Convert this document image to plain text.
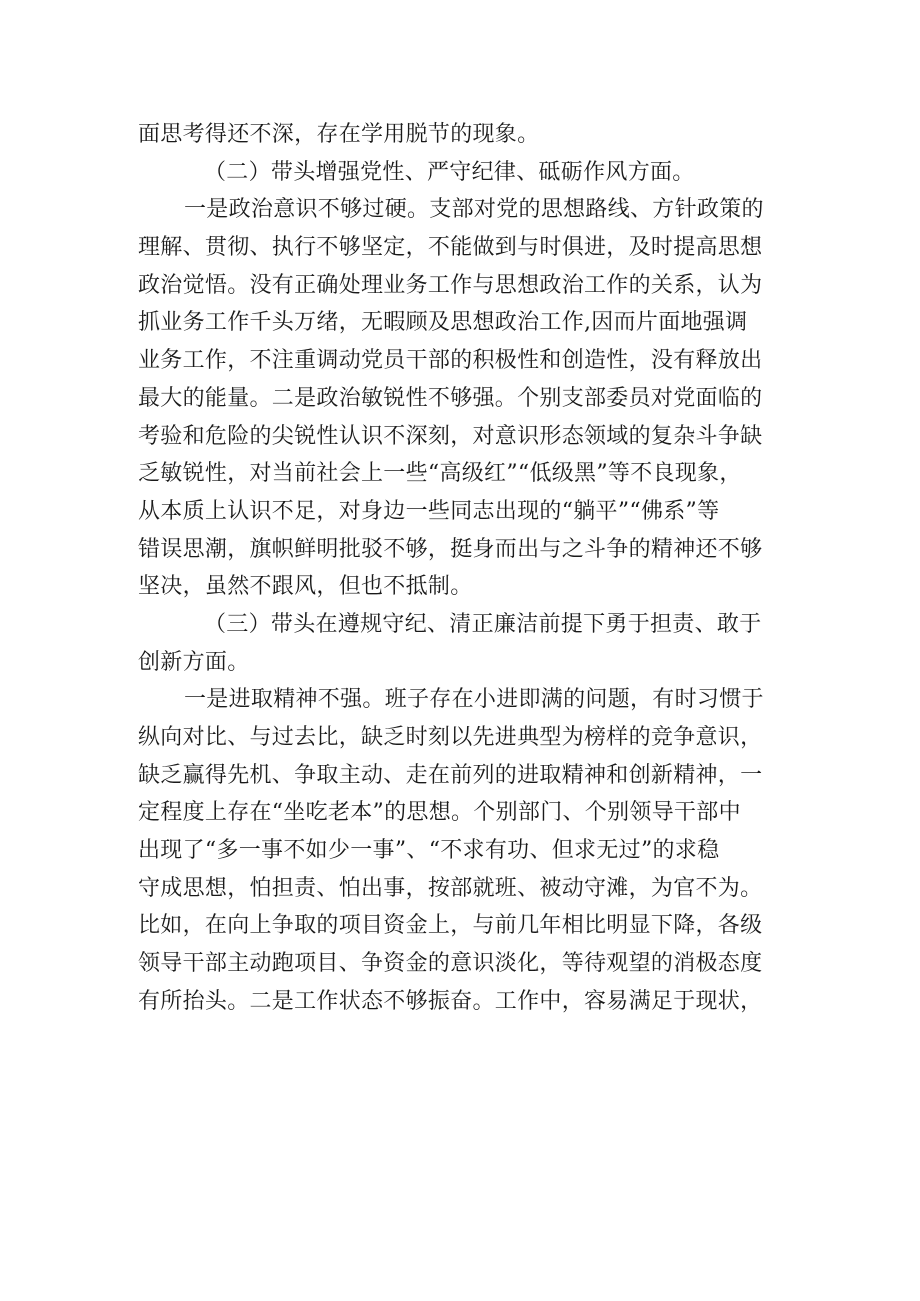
面思考得还不深，存在学用脱节的现象。
（二）带头增强党性、严守纪律、砥砺作风方面。
一是政治意识不够过硬。支部对党的思想路线、方针政策的
理解、贯彻、执行不够坚定，不能做到与时俱进，及时提高思想
政治觉悟。没有正确处理业务工作与思想政治工作的关系，认为
抓业务工作千头万绪，无暇顾及思想政治工作,因而片面地强调
业务工作，不注重调动党员干部的积极性和创造性，没有释放出
最大的能量。二是政治敏锐性不够强。个别支部委员对党面临的
考验和危险的尖锐性认识不深刻，对意识形态领域的复杂斗争缺
乏敏锐性，对当前社会上一些“高级红”“低级黑”等不良现象，
从本质上认识不足，对身边一些同志出现的“躺平”“佛系”等
错误思潮，旗帜鲜明批驳不够，挺身而出与之斗争的精神还不够
坚决，虽然不跟风，但也不抵制。
（三）带头在遵规守纪、清正廉洁前提下勇于担责、敢于
创新方面。
一是进取精神不强。班子存在小进即满的问题，有时习惯于
纵向对比、与过去比，缺乏时刻以先进典型为榜样的竞争意识，
缺乏赢得先机、争取主动、走在前列的进取精神和创新精神，一
定程度上存在“坐吃老本”的思想。个别部门、个别领导干部中
出现了“多一事不如少一事”、“不求有功、但求无过”的求稳
守成思想，怕担责、怕出事，按部就班、被动守滩，为官不为。
比如，在向上争取的项目资金上，与前几年相比明显下降，各级
领导干部主动跑项目、争资金的意识淡化，等待观望的消极态度
有所抬头。二是工作状态不够振奋。工作中，容易满足于现状，
